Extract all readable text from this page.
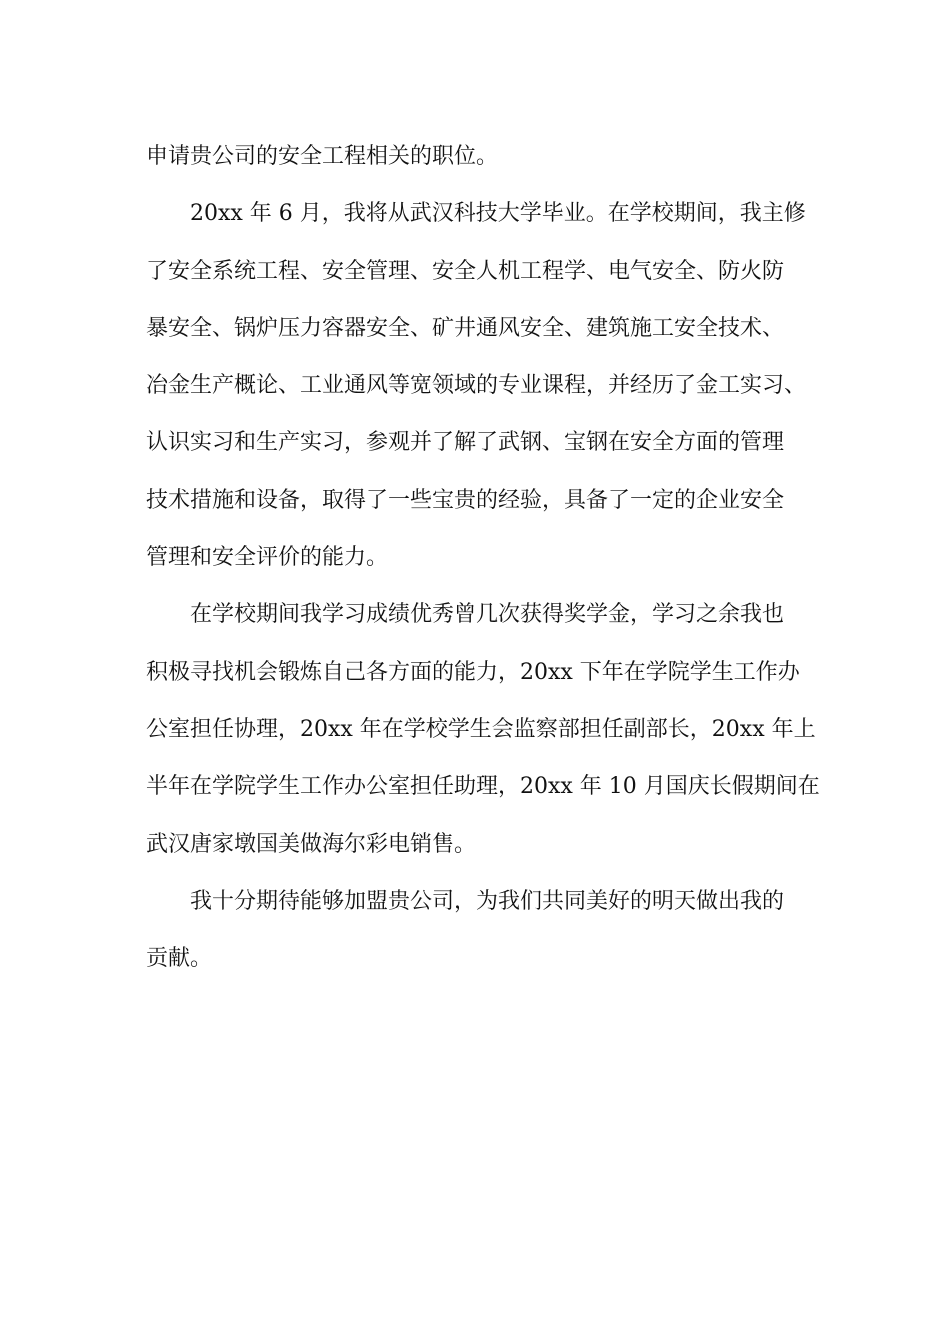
申请贵公司的安全工程相关的职位。
20xx 年 6 月，我将从武汉科技大学毕业。在学校期间，我主修
了安全系统工程、安全管理、安全人机工程学、电气安全、防火防
暴安全、锅炉压力容器安全、矿井通风安全、建筑施工安全技术、
冶金生产概论、工业通风等宽领域的专业课程，并经历了金工实习、
认识实习和生产实习，参观并了解了武钢、宝钢在安全方面的管理
技术措施和设备，取得了一些宝贵的经验，具备了一定的企业安全
管理和安全评价的能力。
在学校期间我学习成绩优秀曾几次获得奖学金，学习之余我也
积极寻找机会锻炼自己各方面的能力，20xx 下年在学院学生工作办
公室担任协理，20xx 年在学校学生会监察部担任副部长，20xx 年上
半年在学院学生工作办公室担任助理，20xx 年 10 月国庆长假期间在
武汉唐家墩国美做海尔彩电销售。
我十分期待能够加盟贵公司，为我们共同美好的明天做出我的
贡献。
